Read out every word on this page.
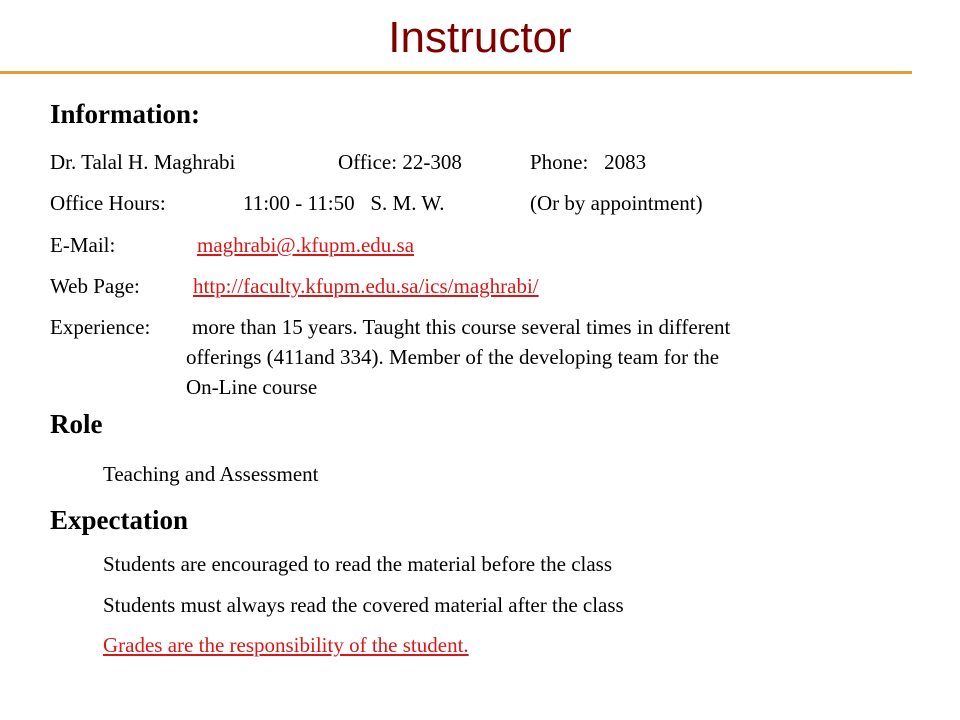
Instructor
Information:
Dr. Talal H. Maghrabi	Office: 22-308	Phone:   2083
Office Hours:	11:00 - 11:50   S. M. W.	(Or by appointment)
E-Mail:	maghrabi@.kfupm.edu.sa
Web Page:	http://faculty.kfupm.edu.sa/ics/maghrabi/
Experience: more than 15 years. Taught this course several times in different
offerings (411and 334). Member of the developing team for the
On-Line course
Role
Teaching and Assessment
Expectation
Students are encouraged to read the material before the class
Students must always read the covered material after the class
Grades are the responsibility of the student.
